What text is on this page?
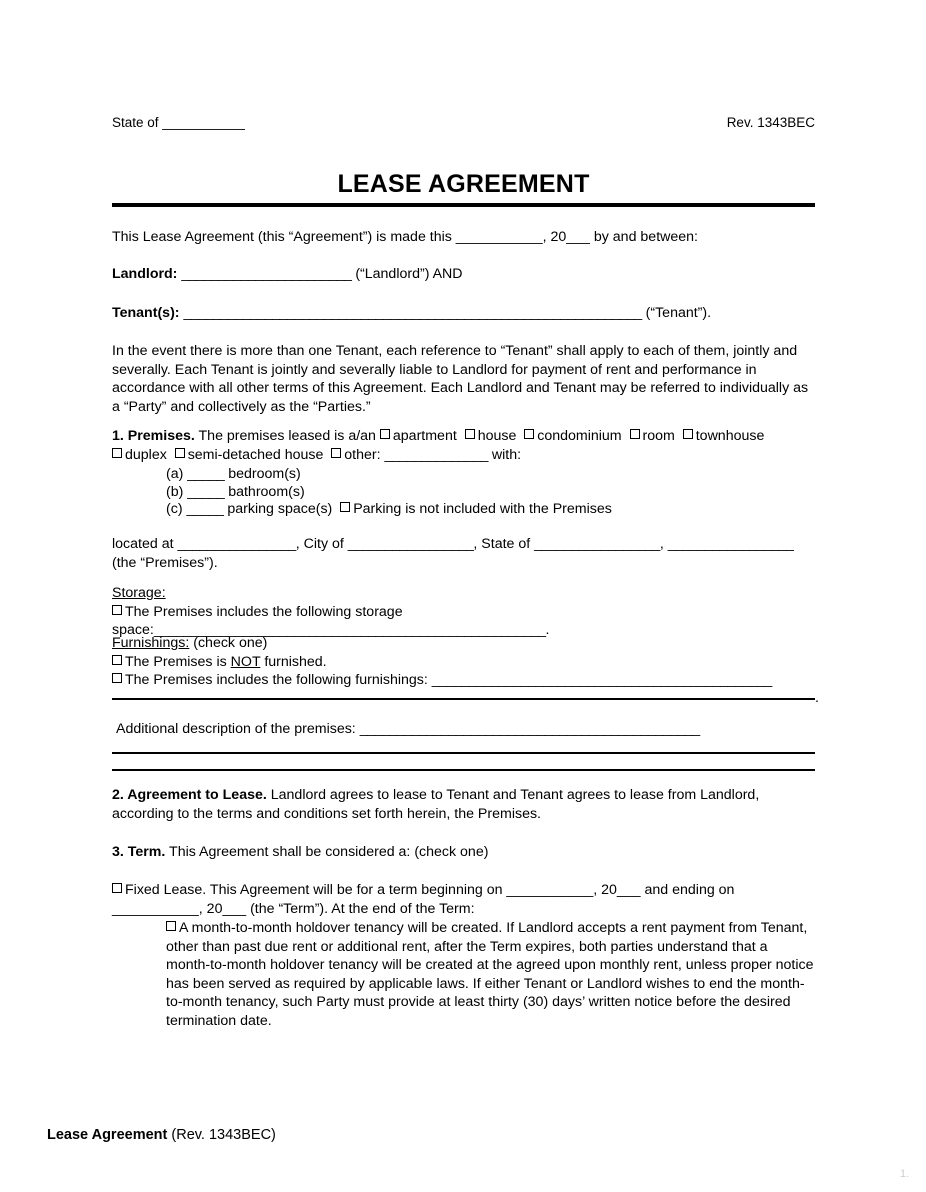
State of ___________	Rev. 1343BEC
LEASE AGREEMENT
This Lease Agreement (this “Agreement”) is made this ___________, 20___ by and between:
Landlord: _______________________ (“Landlord”) AND
Tenant(s): ______________________________________________________________ (“Tenant”).
In the event there is more than one Tenant, each reference to “Tenant” shall apply to each of them, jointly and severally. Each Tenant is jointly and severally liable to Landlord for payment of rent and performance in accordance with all other terms of this Agreement. Each Landlord and Tenant may be referred to individually as a “Party” and collectively as the “Parties.”
1. Premises. The premises leased is a/an apartment house condominium room townhouse
duplex semi-detached house other: ______________ with:
(a) _____ bedroom(s)
(b) _____ bathroom(s)
(c) _____ parking space(s) Parking is not included with the Premises
located at ________________, City of _________________, State of _________________, _________________
(the “Premises”).
Storage:
The Premises includes the following storage space:_____________________________________________________.
Furnishings: (check one)
The Premises is NOT furnished.
The Premises includes the following furnishings: ______________________________________________
.
Additional description of the premises: ______________________________________________
2. Agreement to Lease. Landlord agrees to lease to Tenant and Tenant agrees to lease from Landlord, according to the terms and conditions set forth herein, the Premises.
3. Term. This Agreement shall be considered a: (check one)
Fixed Lease. This Agreement will be for a term beginning on ___________, 20___ and ending on
___________, 20___ (the “Term”). At the end of the Term:
A month-to-month holdover tenancy will be created. If Landlord accepts a rent payment from Tenant, other than past due rent or additional rent, after the Term expires, both parties understand that a month-to-month holdover tenancy will be created at the agreed upon monthly rent, unless proper notice has been served as required by applicable laws. If either Tenant or Landlord wishes to end the month-to-month tenancy, such Party must provide at least thirty (30) days’ written notice before the desired termination date.
Lease Agreement (Rev. 1343BEC)
1.
